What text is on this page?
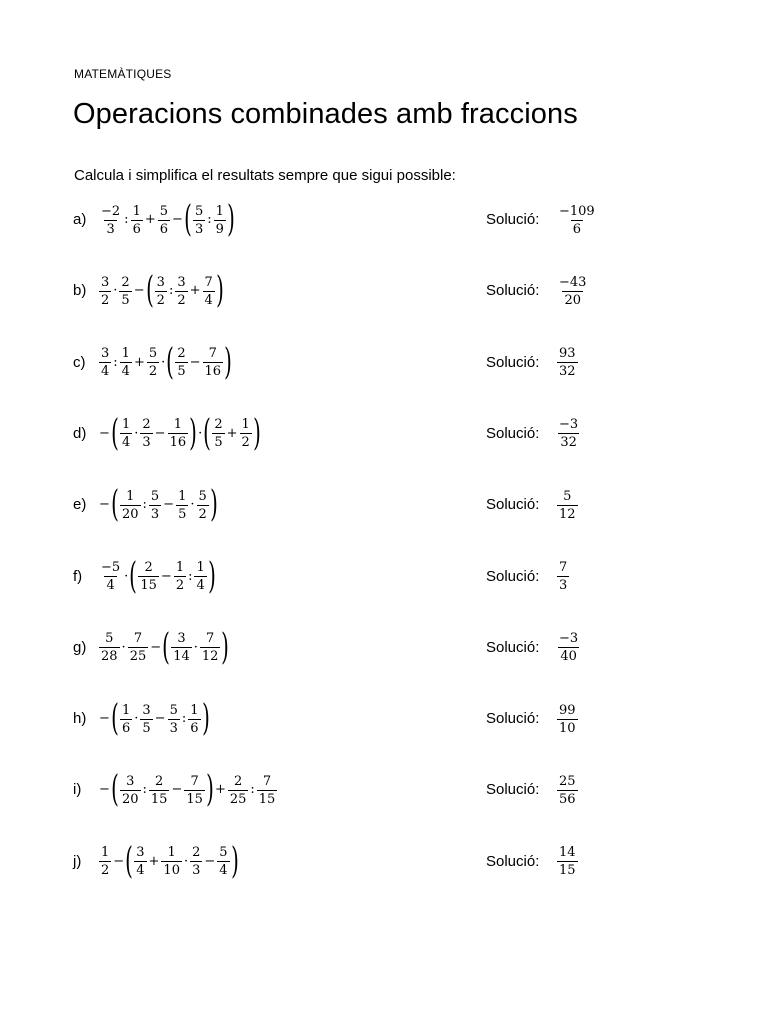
MATEMÀTIQUES
Operacions combinades amb fraccions
Calcula i simplifica el resultats sempre que sigui possible:
$a) \frac{-2}{3}$ : $\frac{1}{6} + \frac{5}{6}$ − ( $\frac{5}{3}$ : $\frac{1}{9}$ )	Solució: $\frac{-109}{6}$
$b) \frac{3}{2} \cdot \frac{2}{5}$ − ( $\frac{3}{2}$ : $\frac{3}{2} + \frac{7}{4}$ )	Solució: $\frac{-43}{20}$
$c) \frac{3}{4}$ : $\frac{1}{4} + \frac{5}{2}$ · ( $\frac{2}{5} - \frac{7}{16}$ )	Solució: $\frac{93}{32}$
d) − ( $\frac{1}{4} \cdot \frac{2}{3} - \frac{1}{16}$ ) · ( $\frac{2}{5} + \frac{1}{2}$ )	Solució: $\frac{-3}{32}$
e) − ( $\frac{1}{20}$ : $\frac{5}{3} - \frac{1}{5} \cdot \frac{5}{2}$ )	Solució: $\frac{5}{12}$
$f) \frac{-5}{4}$ · ( $\frac{2}{15} - \frac{1}{2}$ : $\frac{1}{4}$ )	Solució: $\frac{7}{3}$
$g) \frac{5}{28} \cdot \frac{7}{25}$ − ( $\frac{3}{14} \cdot \frac{7}{12}$ )	Solució: $\frac{-3}{40}$
h) − ( $\frac{1}{6} \cdot \frac{3}{5} - \frac{5}{3}$ : $\frac{1}{6}$ )	Solució: $\frac{99}{10}$
i) − ( $\frac{3}{20}$ : $\frac{2}{15} - \frac{7}{15}$ ) + $\frac{2}{25}$ : $\frac{7}{15}$	Solució: $\frac{25}{56}$
$j) \frac{1}{2}$ − ( $\frac{3}{4} + \frac{1}{10} \cdot \frac{2}{3} - \frac{5}{4}$ )	Solució: $\frac{14}{15}$
